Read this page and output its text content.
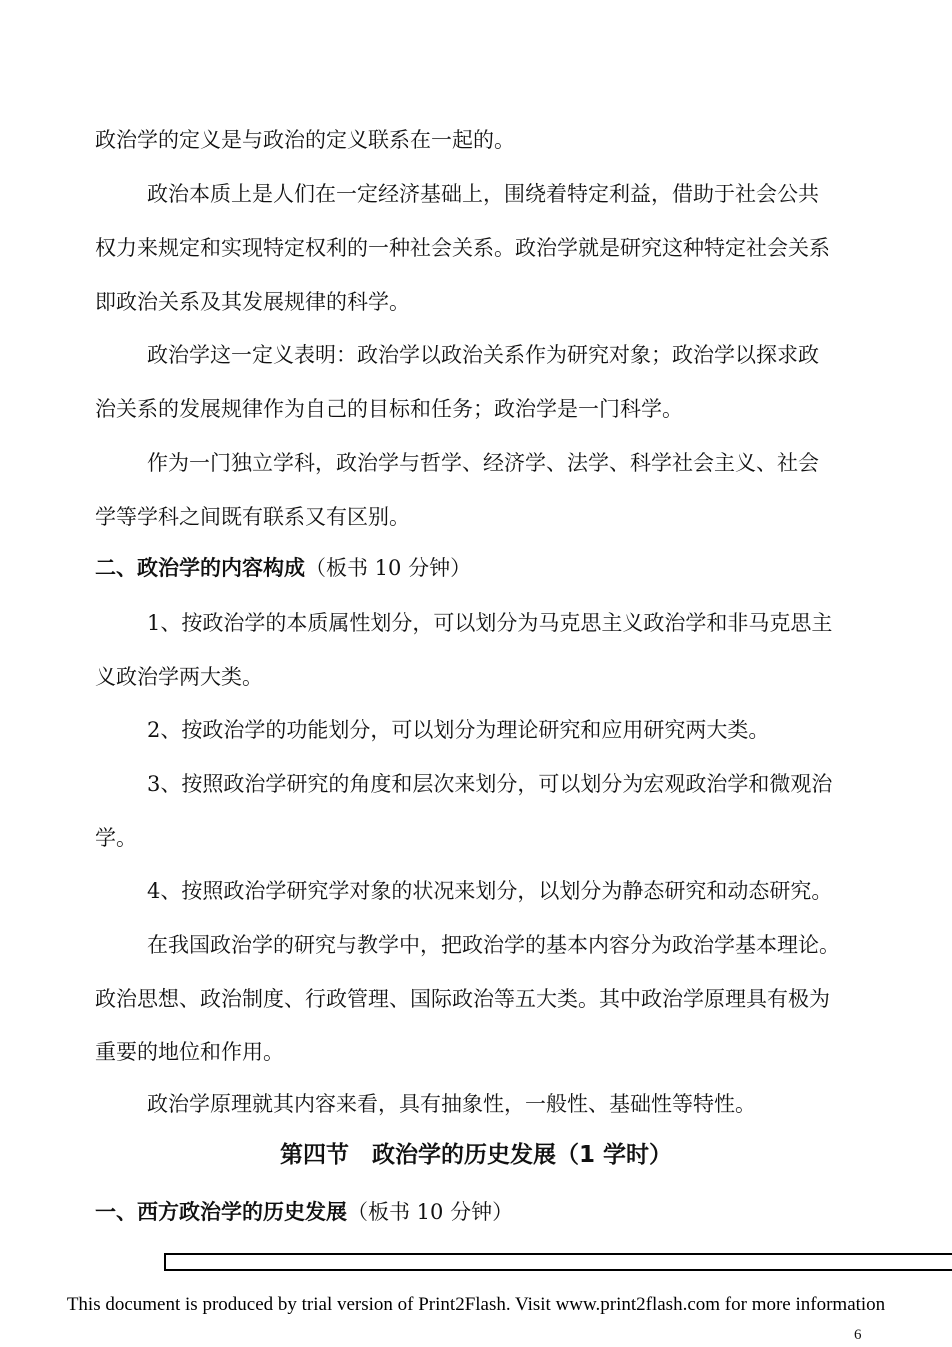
政治学的定义是与政治的定义联系在一起的。
政治本质上是人们在一定经济基础上，围绕着特定利益，借助于社会公共
权力来规定和实现特定权利的一种社会关系。政治学就是研究这种特定社会关系
即政治关系及其发展规律的科学。
政治学这一定义表明：政治学以政治关系作为研究对象；政治学以探求政
治关系的发展规律作为自己的目标和任务；政治学是一门科学。
作为一门独立学科，政治学与哲学、经济学、法学、科学社会主义、社会
学等学科之间既有联系又有区别。
二、政治学的内容构成（板书 10 分钟）
1、按政治学的本质属性划分，可以划分为马克思主义政治学和非马克思主
义政治学两大类。
2、按政治学的功能划分，可以划分为理论研究和应用研究两大类。
3、按照政治学研究的角度和层次来划分，可以划分为宏观政治学和微观治
学。
4、按照政治学研究学对象的状况来划分，以划分为静态研究和动态研究。
在我国政治学的研究与教学中，把政治学的基本内容分为政治学基本理论。
政治思想、政治制度、行政管理、国际政治等五大类。其中政治学原理具有极为
重要的地位和作用。
政治学原理就其内容来看，具有抽象性，一般性、基础性等特性。
第四节　政治学的历史发展（1 学时）
一、西方政治学的历史发展（板书 10 分钟）
This document is produced by trial version of Print2Flash. Visit www.print2flash.com for more information
6
